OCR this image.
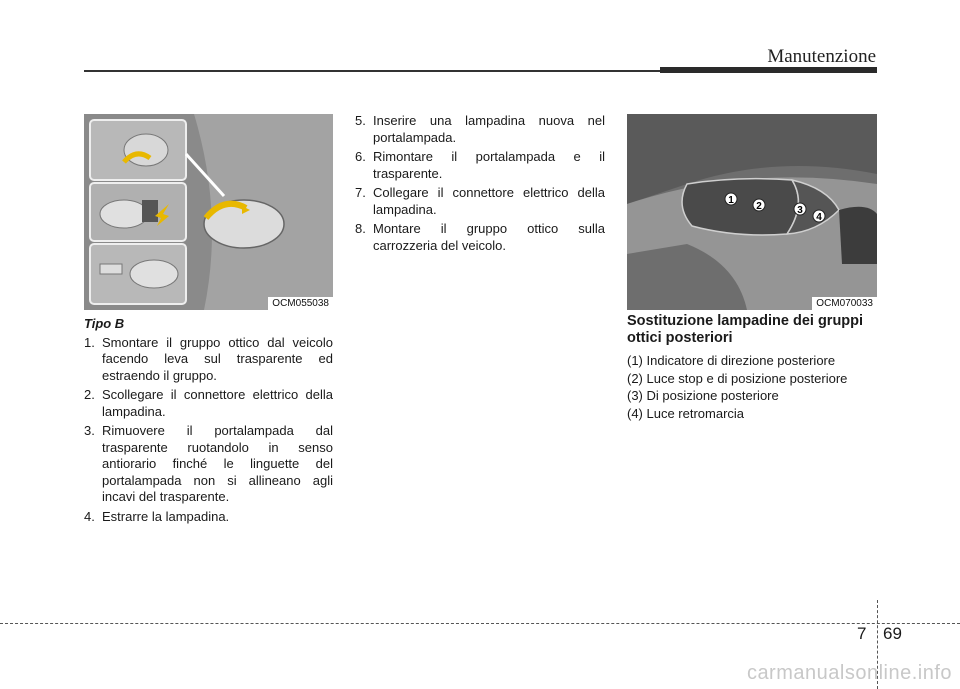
Manutenzione
OCM055038
1
2	3
4
OCM070033
Tipo B
1. Smontare il gruppo ottico dal veicolo facendo leva sul trasparente ed estraendo il gruppo.
2. Scollegare il connettore elettrico della lampadina.
3. Rimuovere il portalampada dal trasparente ruotandolo in senso antiorario finché le linguette del portalampada non si allineano agli incavi del trasparente.
4. Estrarre la lampadina.
5. Inserire una lampadina nuova nel portalampada.
6. Rimontare il portalampada e il trasparente.
7. Collegare il connettore elettrico della lampadina.
8. Montare il gruppo ottico sulla carrozzeria del veicolo.
Sostituzione lampadine dei gruppi ottici posteriori
(1) Indicatore di direzione posteriore
(2) Luce stop e di posizione posteriore
(3) Di posizione posteriore
(4) Luce retromarcia
7 69
carmanualsonline.info
